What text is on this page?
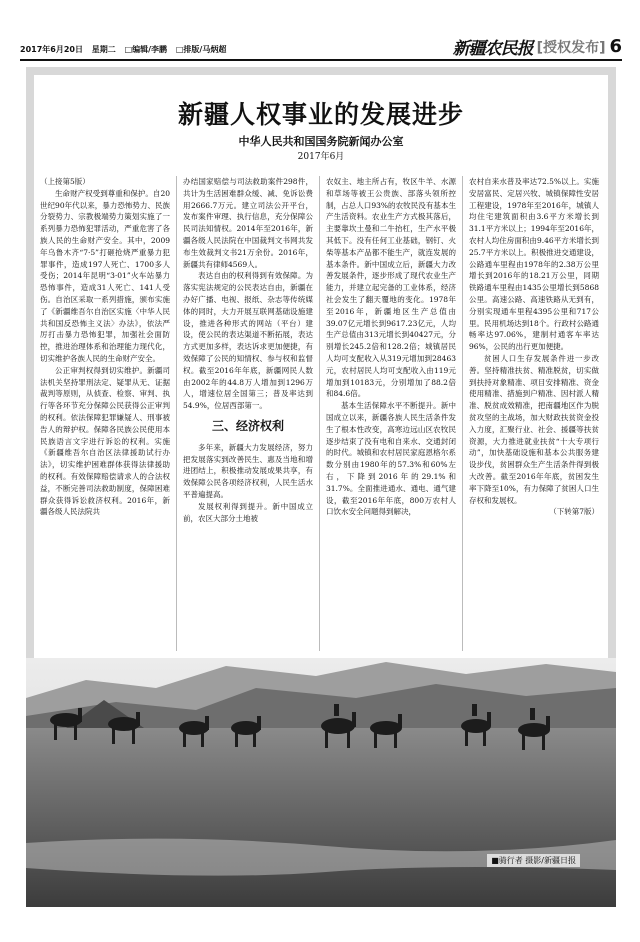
2017年6月20日 星期二 □编辑/李鹏 □排版/马炳超	新疆农民报 [授权发布] 6
新疆人权事业的发展进步
中华人民共和国国务院新闻办公室
2017年6月

（上接第5版）

生命财产权受到尊重和保护。自20世纪90年代以来，暴力恐怖势力、民族分裂势力、宗教极端势力策划实施了一系列暴力恐怖犯罪活动，严重危害了各族人民的生命财产安全。其中，2009年乌鲁木齐“7·5”打砸抢烧严重暴力犯罪事件，造成197人死亡、1700多人受伤；2014年昆明“3·01”火车站暴力恐怖事件，造成31人死亡、141人受伤。自治区采取一系列措施，颁布实施了《新疆维吾尔自治区实施〈中华人民共和国反恐怖主义法〉办法》，依法严厉打击暴力恐怖犯罪，加强社会面防控，推进治理体系和治理能力现代化，切实维护各族人民的生命财产安全。

公正审判权得到切实维护。新疆司法机关坚持罪刑法定、疑罪从无、证据裁判等原则，从侦查、检察、审判、执行等各环节充分保障公民获得公正审判的权利。依法保障犯罪嫌疑人、刑事被告人的辩护权。保障各民族公民使用本民族语言文字进行诉讼的权利。实施《新疆维吾尔自治区法律援助试行办法》，切实维护困难群体获得法律援助的权利。有效保障赔偿请求人的合法权益，不断完善司法救助制度，保障困难群众获得诉讼救济权利。2016年，新疆各级人民法院共

办结国家赔偿与司法救助案件298件，共计为生活困难群众缓、减、免诉讼费用2666.7万元。建立司法公开平台，发布案件审理、执行信息，充分保障公民司法知情权。2014年至2016年，新疆各级人民法院在中国裁判文书网共发布生效裁判文书21万余份。2016年，新疆共有律师4569人。

表达自由的权利得到有效保障。为落实宪法规定的公民表达自由，新疆在办好广播、电视、报纸、杂志等传统媒体的同时，大力开展互联网基础设施建设，推进各种形式的网站（平台）建设，使公民的表达渠道不断拓展，表达方式更加多样，表达诉求更加便捷，有效保障了公民的知情权、参与权和监督权。截至2016年年底，新疆网民人数由2002年的44.8万人增加到1296万人，增速位居全国第三；普及率达到54.9%，位居西部第一。

三、经济权利

多年来，新疆大力发展经济，努力把发展落实到改善民生、惠及当地和增进团结上，积极推动发展成果共享，有效保障公民各项经济权利，人民生活水平普遍提高。

发展权利得到提升。新中国成立前，农区大部分土地被

农奴主、地主所占有，牧区牛羊、水源和草场等被王公贵族、部落头领所控制，占总人口93%的农牧民没有基本生产生活资料。农业生产方式极其落后，主要靠坎土曼和二牛抬杠，生产水平极其低下。没有任何工业基础，钢钉、火柴等基本产品都不能生产，就连发展的基本条件。新中国成立后，新疆大力改善发展条件，逐步形成了现代农业生产能力，并建立起完备的工业体系，经济社会发生了翻天覆地的变化。1978年至2016年，新疆地区生产总值由39.07亿元增长到9617.23亿元，人均生产总值由313元增长到40427元，分别增长245.2倍和128.2倍；城镇居民人均可支配收入从319元增加到28463元，农村居民人均可支配收入由119元增加到10183元，分别增加了88.2倍和84.6倍。

基本生活保障水平不断提升。新中国成立以来，新疆各族人民生活条件发生了根本性改变，高寒边远山区农牧民逐步结束了没有电和自来水、交通封闭的时代。城镇和农村居民家庭恩格尔系数分别由1980年的57.3%和60%左右，下降到2016年的29.1%和31.7%。全面推进通水、通电、通气建设，截至2016年年底，800万农村人口饮水安全问题得到解决，

农村自来水普及率达72.5%以上。实施安居富民、定居兴牧、城镇保障性安居工程建设，1978年至2016年，城镇人均住宅建筑面积由3.6平方米增长到31.1平方米以上；1994年至2016年，农村人均住房面积由9.46平方米增长到25.7平方米以上。积极推进交通建设，公路通车里程由1978年的2.38万公里增长到2016年的18.21万公里，同期铁路通车里程由1435公里增长到5868公里。高速公路、高速铁路从无到有，分别实现通车里程4395公里和717公里。民用机场达到18个。行政村公路通畅率达97.06%，建制村通客车率达96%，公民的出行更加便捷。

贫困人口生存发展条件进一步改善。坚持精准扶贫、精准脱贫，切实做到扶持对象精准、项目安排精准、资金使用精准、措施到户精准、因村派人精准、脱贫成效精准，把南疆地区作为脱贫攻坚的主战场，加大财政扶贫资金投入力度，汇聚行业、社会、援疆等扶贫资源，大力推进就业扶贫“十大专项行动”，加快基础设施和基本公共服务建设步伐，贫困群众生产生活条件得到极大改善。截至2016年年底，贫困发生率下降至10%，有力保障了贫困人口生存权和发展权。

（下转第7版）

■骑行者 摄影/新疆日报
